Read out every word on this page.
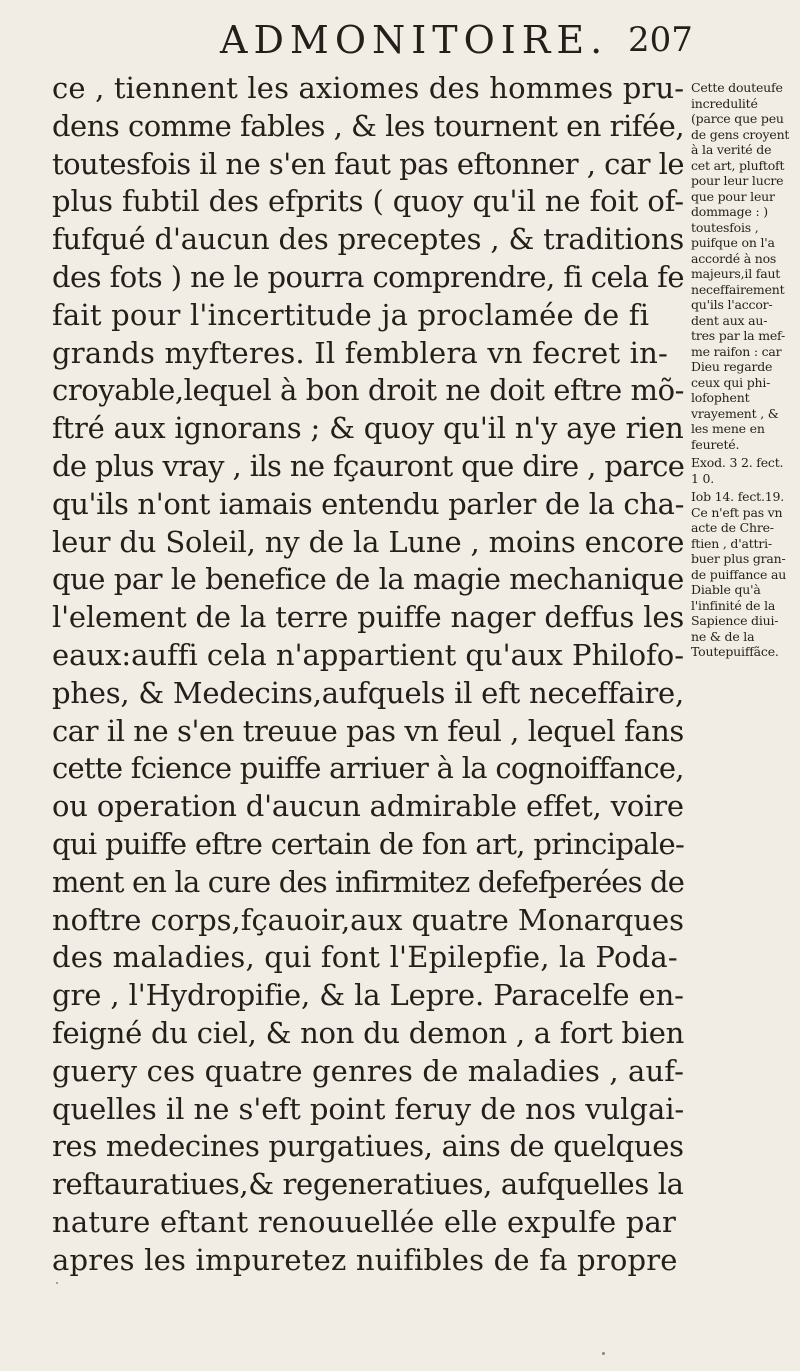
ADMONITOIRE. 207
ce , tiennent les axiomes des hommes pru-
dens comme fables , & les tournent en rifée,
toutesfois il ne s'en faut pas eftonner , car le
plus fubtil des efprits ( quoy qu'il ne foit of-
fufqué d'aucun des preceptes , & traditions
des fots ) ne le pourra comprendre, fi cela fe
fait pour l'incertitude ja proclamée de fi
grands myfteres. Il femblera vn fecret in-
croyable,lequel à bon droit ne doit eftre mõ-
ftré aux ignorans ; & quoy qu'il n'y aye rien
de plus vray , ils ne fçauront que dire , parce
qu'ils n'ont iamais entendu parler de la cha-
leur du Soleil, ny de la Lune , moins encore
que par le benefice de la magie mechanique
l'element de la terre puiffe nager deffus les
eaux:auffi cela n'appartient qu'aux Philofo-
phes, & Medecins,aufquels il eft neceffaire,
car il ne s'en treuue pas vn feul , lequel fans
cette fcience puiffe arriuer à la cognoiffance,
ou operation d'aucun admirable effet, voire
qui puiffe eftre certain de fon art, principale-
ment en la cure des infirmitez defefperées de
noftre corps,fçauoir,aux quatre Monarques
des maladies, qui font l'Epilepfie, la Poda-
gre , l'Hydropifie, & la Lepre. Paracelfe en-
feigné du ciel, & non du demon , a fort bien
guery ces quatre genres de maladies , auf-
quelles il ne s'eft point feruy de nos vulgai-
res medecines purgatiues, ains de quelques
reftauratiues,& regeneratiues, aufquelles la
nature eftant renouuellée elle expulfe par
apres les impuretez nuifibles de fa propre
Cette douteufe
incredulité
(parce que peu
de gens croyent
à la verité de
cet art, pluftoft
pour leur lucre
que pour leur
dommage : )
toutesfois ,
puifque on l'a
accordé à nos
majeurs,il faut
neceffairement
qu'ils l'accor-
dent aux au-
tres par la mef-
me raifon : car
Dieu regarde
ceux qui phi-
lofophent
vrayement , &
les mene en
feureté.
Exod. 3 2. fect.
1 0.
Iob 14. fect.19.
Ce n'eft pas vn
acte de Chre-
ftien , d'attri-
buer plus gran-
de puiffance au
Diable qu'à
l'infinité de la
Sapience diui-
ne & de la
Toutepuiffãce.
